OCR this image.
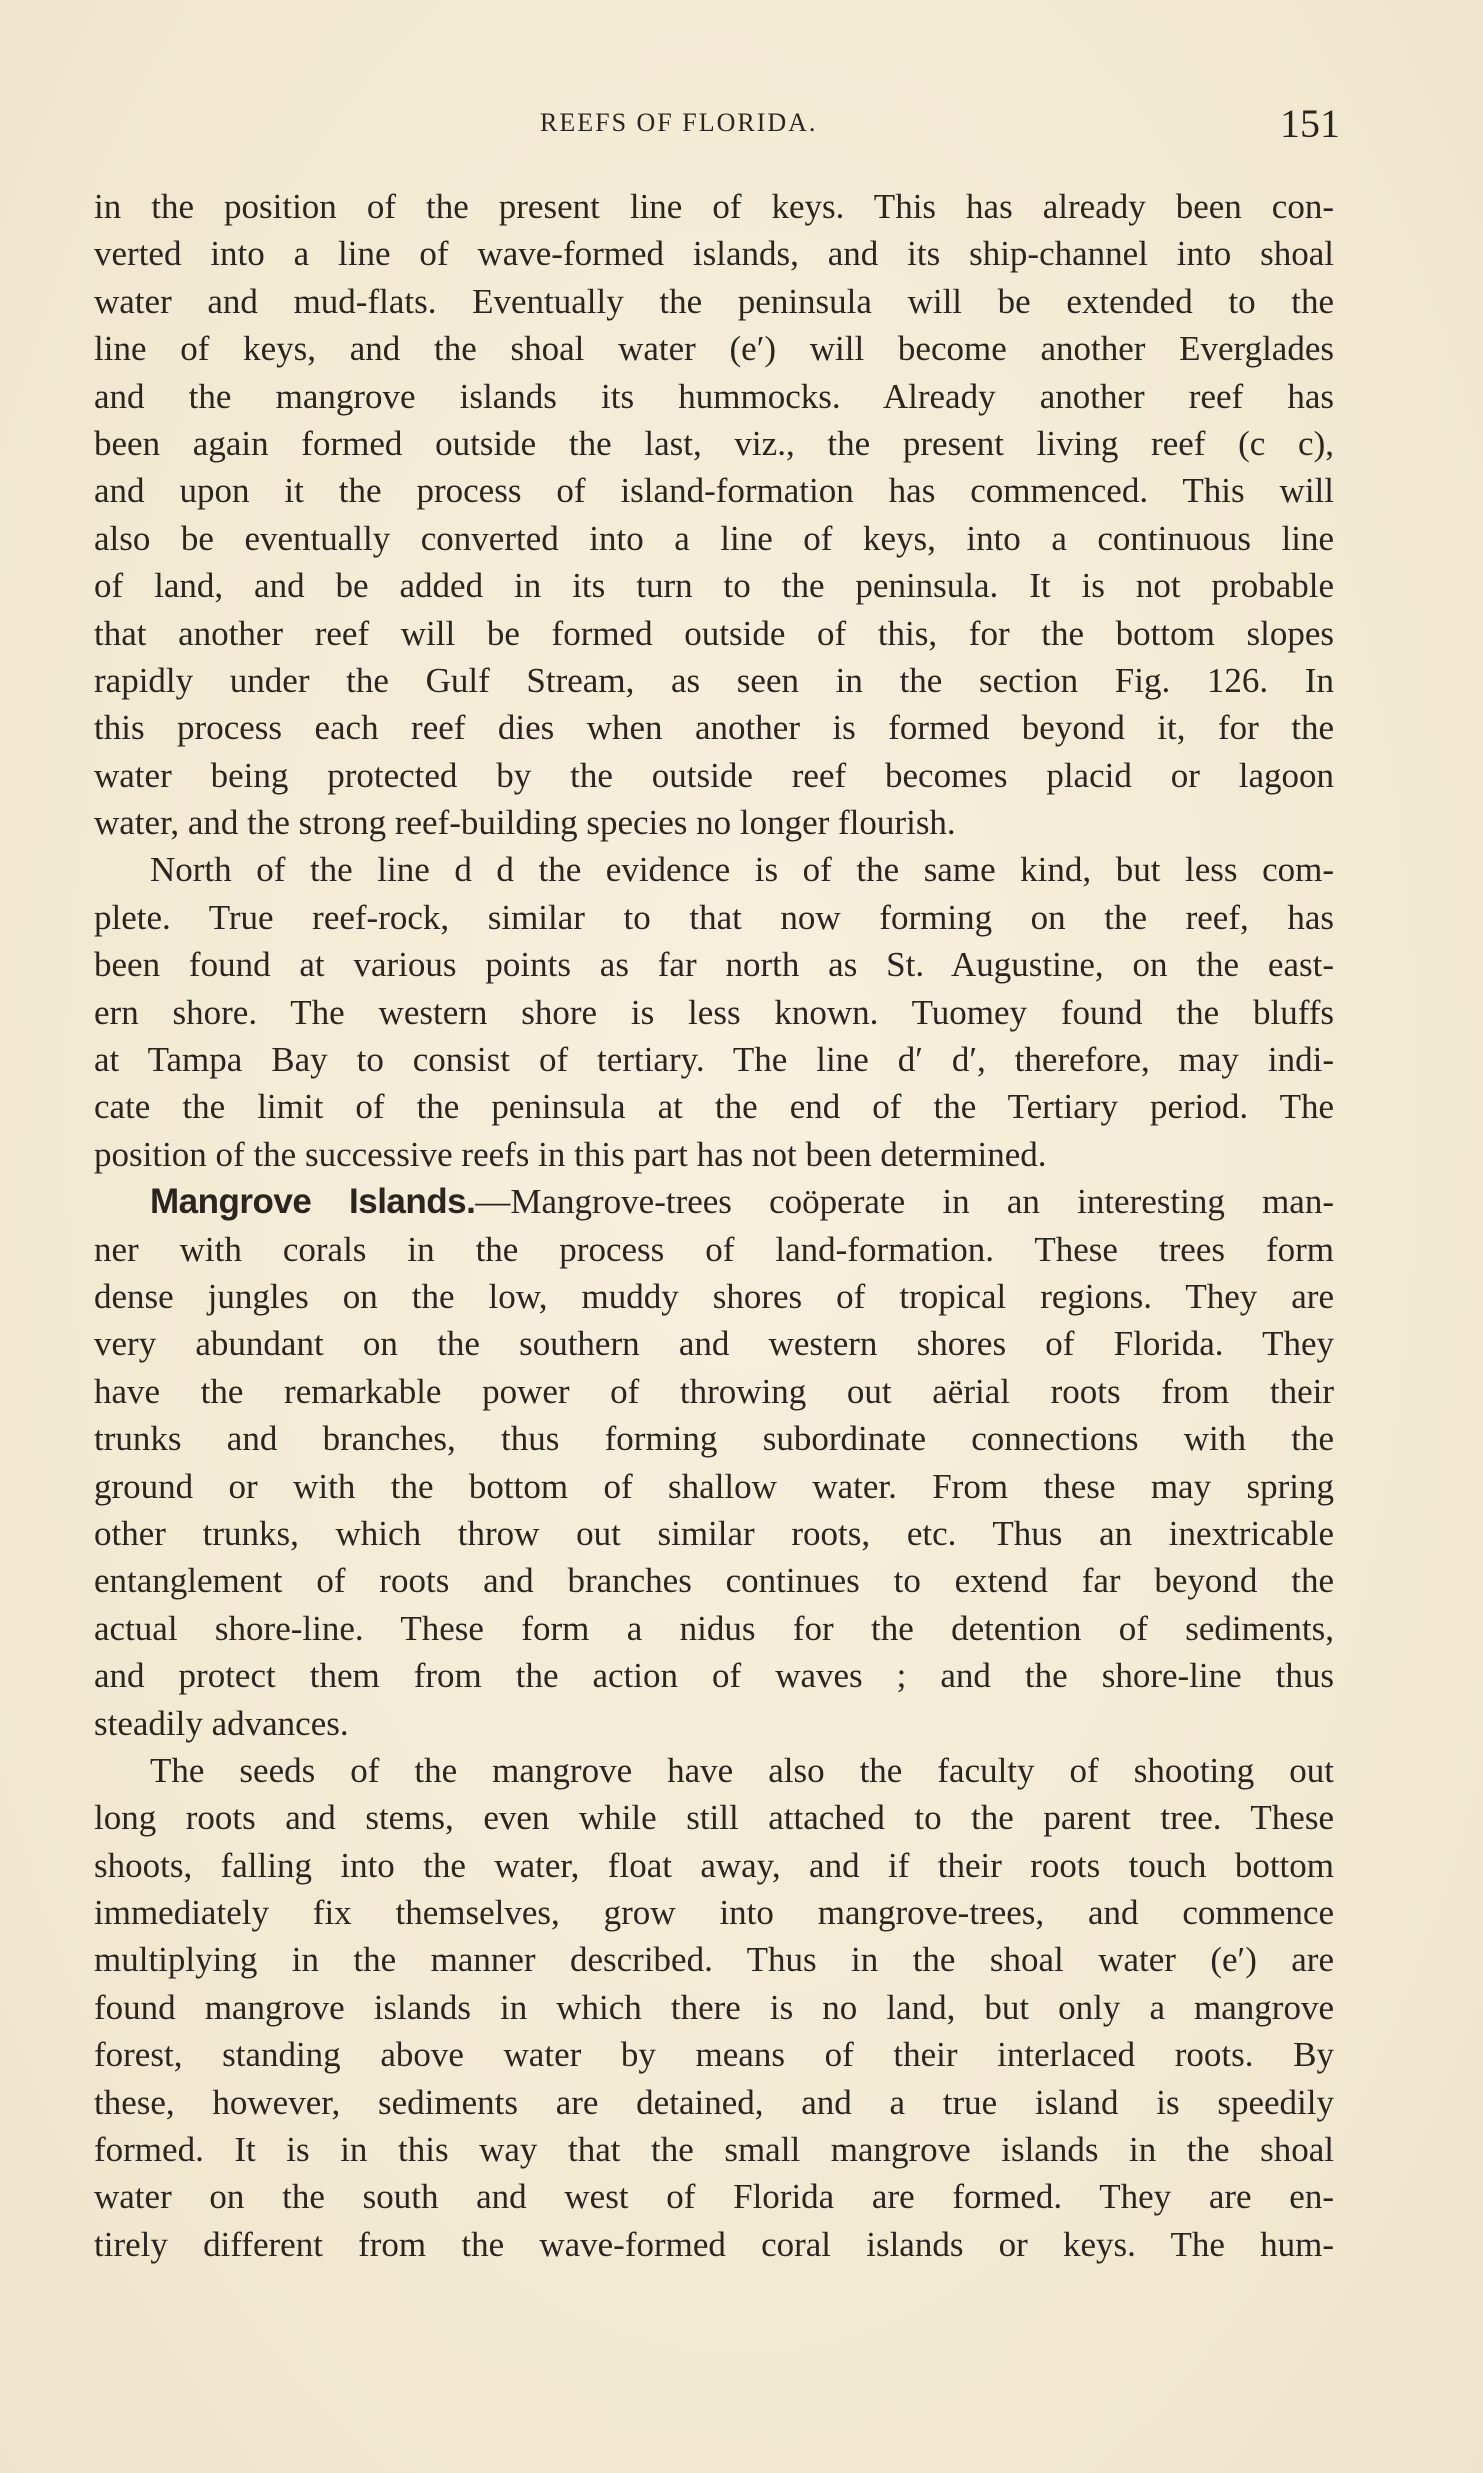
REEFS OF FLORIDA.	151
in the position of the present line of keys. This has already been con-
verted into a line of wave-formed islands, and its ship-channel into shoal
water and mud-flats. Eventually the peninsula will be extended to the
line of keys, and the shoal water (e′) will become another Everglades
and the mangrove islands its hummocks. Already another reef has
been again formed outside the last, viz., the present living reef (c c),
and upon it the process of island-formation has commenced. This will
also be eventually converted into a line of keys, into a continuous line
of land, and be added in its turn to the peninsula. It is not probable
that another reef will be formed outside of this, for the bottom slopes
rapidly under the Gulf Stream, as seen in the section Fig. 126. In
this process each reef dies when another is formed beyond it, for the
water being protected by the outside reef becomes placid or lagoon
water, and the strong reef-building species no longer flourish.
North of the line d d the evidence is of the same kind, but less com-
plete. True reef-rock, similar to that now forming on the reef, has
been found at various points as far north as St. Augustine, on the east-
ern shore. The western shore is less known. Tuomey found the bluffs
at Tampa Bay to consist of tertiary. The line d′ d′, therefore, may indi-
cate the limit of the peninsula at the end of the Tertiary period. The
position of the successive reefs in this part has not been determined.
Mangrove Islands.—Mangrove-trees coöperate in an interesting man-
ner with corals in the process of land-formation. These trees form
dense jungles on the low, muddy shores of tropical regions. They are
very abundant on the southern and western shores of Florida. They
have the remarkable power of throwing out aërial roots from their
trunks and branches, thus forming subordinate connections with the
ground or with the bottom of shallow water. From these may spring
other trunks, which throw out similar roots, etc. Thus an inextricable
entanglement of roots and branches continues to extend far beyond the
actual shore-line. These form a nidus for the detention of sediments,
and protect them from the action of waves ; and the shore-line thus
steadily advances.
The seeds of the mangrove have also the faculty of shooting out
long roots and stems, even while still attached to the parent tree. These
shoots, falling into the water, float away, and if their roots touch bottom
immediately fix themselves, grow into mangrove-trees, and commence
multiplying in the manner described. Thus in the shoal water (e′) are
found mangrove islands in which there is no land, but only a mangrove
forest, standing above water by means of their interlaced roots. By
these, however, sediments are detained, and a true island is speedily
formed. It is in this way that the small mangrove islands in the shoal
water on the south and west of Florida are formed. They are en-
tirely different from the wave-formed coral islands or keys. The hum-
